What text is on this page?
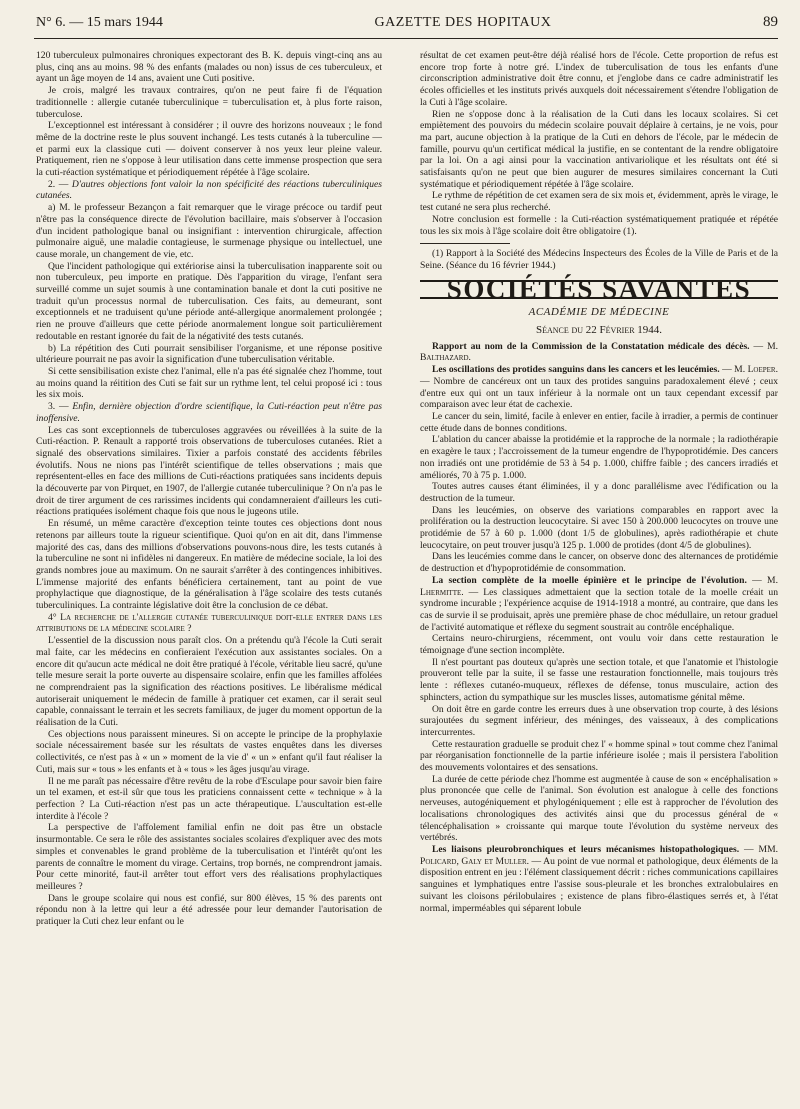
N° 6. — 15 mars 1944	GAZETTE DES HOPITAUX	89

120 tuberculeux pulmonaires chroniques expectorant des B. K. depuis vingt-cinq ans au plus, cinq ans au moins. 98 % des enfants (malades ou non) issus de ces tuberculeux, et ayant un âge moyen de 14 ans, avaient une Cuti positive.

Je crois, malgré les travaux contraires, qu'on ne peut faire fi de l'équation traditionnelle : allergie cutanée tuberculinique = tuberculisation et, à plus forte raison, tuberculose.

L'exceptionnel est intéressant à considérer ; il ouvre des horizons nouveaux ; le fond même de la doctrine reste le plus souvent inchangé. Les tests cutanés à la tuberculine — et parmi eux la classique cuti — doivent conserver à nos yeux leur pleine valeur. Pratiquement, rien ne s'oppose à leur utilisation dans cette immense prospection que sera la cuti-réaction systématique et périodiquement répétée à l'âge scolaire.

2. — D'autres objections font valoir la non spécificité des réactions tuberculiniques cutanées.

a) M. le professeur Bezançon a fait remarquer que le virage précoce ou tardif peut n'être pas la conséquence directe de l'évolution bacillaire, mais s'observer à l'occasion d'un incident pathologique banal ou insignifiant : intervention chirurgicale, affection pulmonaire aiguë, une maladie contagieuse, le surmenage physique ou intellectuel, une cause morale, un changement de vie, etc.

Que l'incident pathologique qui extériorise ainsi la tuberculisation inapparente soit ou non tuberculeux, peu importe en pratique. Dès l'apparition du virage, l'enfant sera surveillé comme un sujet soumis à une contamination banale et dont la cuti positive ne traduit qu'un processus normal de tuberculisation. Ces faits, au demeurant, sont exceptionnels et ne traduisent qu'une période anté-allergique anormalement prolongée ; rien ne prouve d'ailleurs que cette période anormalement longue soit particulièrement redoutable en restant ignorée du fait de la négativité des tests cutanés.

b) La répétition des Cuti pourrait sensibiliser l'organisme, et une réponse positive ultérieure pourrait ne pas avoir la signification d'une tuberculisation véritable.

Si cette sensibilisation existe chez l'animal, elle n'a pas été signalée chez l'homme, tout au moins quand la réitition des Cuti se fait sur un rythme lent, tel celui proposé ici : tous les six mois.

3. — Enfin, dernière objection d'ordre scientifique, la Cuti-réaction peut n'être pas inoffensive.

Les cas sont exceptionnels de tuberculoses aggravées ou réveillées à la suite de la Cuti-réaction. P. Renault a rapporté trois observations de tuberculoses cutanées. Riet a signalé des observations similaires. Tixier a parfois constaté des accidents fébriles évolutifs. Nous ne nions pas l'intérêt scientifique de telles observations ; mais que représentent-elles en face des millions de Cuti-réactions pratiquées sans incidents depuis la découverte par von Pirquet, en 1907, de l'allergie cutanée tuberculinique ? On n'a pas le droit de tirer argument de ces rarissimes incidents qui condamneraient d'ailleurs les cuti-réactions pratiquées isolément chaque fois que nous le jugeons utile.

En résumé, un même caractère d'exception teinte toutes ces objections dont nous retenons par ailleurs toute la rigueur scientifique. Quoi qu'on en ait dit, dans l'immense majorité des cas, dans des millions d'observations pouvons-nous dire, les tests cutanés à la tuberculine ne sont ni infidèles ni dangereux. En matière de médecine sociale, la loi des grands nombres joue au maximum. On ne saurait s'arrêter à des contingences inhibitives. L'immense majorité des enfants bénéficiera certainement, tant au point de vue prophylactique que diagnostique, de la généralisation à l'âge scolaire des tests cutanés tuberculiniques. La contrainte législative doit être la conclusion de ce débat.

4° La recherche de l'allergie cutanée tuberculinique doit-elle entrer dans les attributions de la médecine scolaire ?

L'essentiel de la discussion nous paraît clos. On a prétendu qu'à l'école la Cuti serait mal faite, car les médecins en confieraient l'exécution aux assistantes sociales. On a encore dit qu'aucun acte médical ne doit être pratiqué à l'école, véritable lieu sacré, qu'une telle mesure serait la porte ouverte au dispensaire scolaire, enfin que les familles affolées ne comprendraient pas la signification des réactions positives. Le libéralisme médical autoriserait uniquement le médecin de famille à pratiquer cet examen, car il serait seul capable, connaissant le terrain et les secrets familiaux, de juger du moment opportun de la réalisation de la Cuti.

Ces objections nous paraissent mineures. Si on accepte le principe de la prophylaxie sociale nécessairement basée sur les résultats de vastes enquêtes dans les diverses collectivités, ce n'est pas à « un » moment de la vie d' « un » enfant qu'il faut réaliser la Cuti, mais sur « tous » les enfants et à « tous » les âges jusqu'au virage.

Il ne me paraît pas nécessaire d'être revêtu de la robe d'Esculape pour savoir bien faire un tel examen, et est-il sûr que tous les praticiens connaissent cette « technique » à la perfection ? La Cuti-réaction n'est pas un acte thérapeutique. L'auscultation est-elle interdite à l'école ?

La perspective de l'affolement familial enfin ne doit pas être un obstacle insurmontable. Ce sera le rôle des assistantes sociales scolaires d'expliquer avec des mots simples et convenables le grand problème de la tuberculisation et l'intérêt qu'ont les parents de connaître le moment du virage. Certains, trop bornés, ne comprendront jamais. Pour cette minorité, faut-il arrêter tout effort vers des réalisations prophylactiques meilleures ?

Dans le groupe scolaire qui nous est confié, sur 800 élèves, 15 % des parents ont répondu non à la lettre qui leur a été adressée pour leur demander l'autorisation de pratiquer la Cuti chez leur enfant ou le

résultat de cet examen peut-être déjà réalisé hors de l'école. Cette proportion de refus est encore trop forte à notre gré. L'index de tuberculisation de tous les enfants d'une circonscription administrative doit être connu, et j'englobe dans ce cadre administratif les écoles officielles et les instituts privés auxquels doit nécessairement s'étendre l'obligation de la Cuti à l'âge scolaire.

Rien ne s'oppose donc à la réalisation de la Cuti dans les locaux scolaires. Si cet empiètement des pouvoirs du médecin scolaire pouvait déplaire à certains, je ne vois, pour ma part, aucune objection à la pratique de la Cuti en dehors de l'école, par le médecin de famille, pourvu qu'un certificat médical la justifie, en se contentant de la rendre obligatoire par la loi. On a agi ainsi pour la vaccination antivariolique et les résultats ont été si satisfaisants qu'on ne peut que bien augurer de mesures similaires concernant la Cuti systématique et périodiquement répétée à l'âge scolaire.

Le rythme de répétition de cet examen sera de six mois et, évidemment, après le virage, le test cutané ne sera plus recherché.

Notre conclusion est formelle : la Cuti-réaction systématiquement pratiquée et répétée tous les six mois à l'âge scolaire doit être obligatoire (1).

(1) Rapport à la Société des Médecins Inspecteurs des Écoles de la Ville de Paris et de la Seine. (Séance du 16 février 1944.)

SOCIÉTÉS SAVANTES
ACADÉMIE DE MÉDECINE
Séance du 22 Février 1944.

Rapport au nom de la Commission de la Constatation médicale des décès. — M. Balthazard.

Les oscillations des protides sanguins dans les cancers et les leucémies. — M. Loeper. — Nombre de cancéreux ont un taux des protides sanguins paradoxalement élevé ; ceux d'entre eux qui ont un taux inférieur à la normale ont un taux cependant excessif par comparaison avec leur état de cachexie.

Le cancer du sein, limité, facile à enlever en entier, facile à irradier, a permis de continuer cette étude dans de bonnes conditions.

L'ablation du cancer abaisse la protidémie et la rapproche de la normale ; la radiothérapie en exagère le taux ; l'accroissement de la tumeur engendre de l'hypoprotidémie. Des cancers non irradiés ont une protidémie de 53 à 54 p. 1.000, chiffre faible ; des cancers irradiés et améliorés, 70 à 75 p. 1.000.

Toutes autres causes étant éliminées, il y a donc parallélisme avec l'édification ou la destruction de la tumeur.

Dans les leucémies, on observe des variations comparables en rapport avec la prolifération ou la destruction leucocytaire. Si avec 150 à 200.000 leucocytes on trouve une protidémie de 57 à 60 p. 1.000 (dont 1/5 de globulines), après radiothérapie et chute leucocytaire, on peut trouver jusqu'à 125 p. 1.000 de protides (dont 4/5 de globulines).

Dans les leucémies comme dans le cancer, on observe donc des alternances de protidémie de destruction et d'hypoprotidémie de consommation.

La section complète de la moelle épinière et le principe de l'évolution. — M. Lhermitte. — Les classiques admettaient que la section totale de la moelle créait un syndrome incurable ; l'expérience acquise de 1914-1918 a montré, au contraire, que dans les cas de survie il se produisait, après une première phase de choc médullaire, un retour graduel de l'activité automatique et réflexe du segment soustrait au contrôle encéphalique.

Certains neuro-chirurgiens, récemment, ont voulu voir dans cette restauration le témoignage d'une section incomplète.

Il n'est pourtant pas douteux qu'après une section totale, et que l'anatomie et l'histologie prouveront telle par la suite, il se fasse une restauration fonctionnelle, mais toujours très lente : réflexes cutanéo-muqueux, réflexes de défense, tonus musculaire, action des sphincters, action du sympathique sur les muscles lisses, automatisme génital même.

On doit être en garde contre les erreurs dues à une observation trop courte, à des lésions surajoutées du segment inférieur, des méninges, des vaisseaux, à des complications intercurrentes.

Cette restauration graduelle se produit chez l' « homme spinal » tout comme chez l'animal par réorganisation fonctionnelle de la partie inférieure isolée ; mais il persistera l'abolition des mouvements volontaires et des sensations.

La durée de cette période chez l'homme est augmentée à cause de son « encéphalisation » plus prononcée que celle de l'animal. Son évolution est analogue à celle des fonctions nerveuses, autogéniquement et phylogéniquement ; elle est à rapprocher de l'évolution des localisations chronologiques des activités ainsi que du processus général de « télencéphalisation » croissante qui marque toute l'évolution du système nerveux des vertébrés.

Les liaisons pleurobronchiques et leurs mécanismes histopathologiques. — MM. Policard, Galy et Muller. — Au point de vue normal et pathologique, deux éléments de la disposition entrent en jeu : l'élément classiquement décrit : riches communications capillaires sanguines et lymphatiques entre l'assise sous-pleurale et les bronches extralobulaires en suivant les cloisons périlobulaires ; existence de plans fibro-élastiques serrés et, à l'état normal, imperméables qui séparent lobule
